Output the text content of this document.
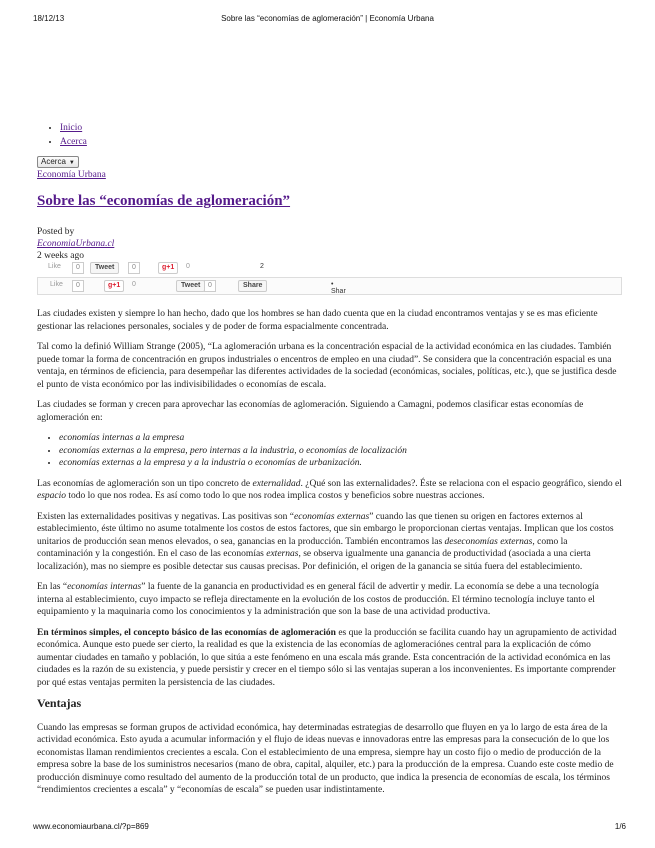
18/12/13	Sobre las “economías de aglomeración” | Economía Urbana
• Inicio
• Acerca
Acerca ▼
Economía Urbana
Sobre las “economías de aglomeración”
Posted by
EconomiaUrbana.cl
2 weeks ago
Like	0	Tweet	0	g+1	0	2
Like	0	g+1	0	Tweet	0	Share	• Shar

Las ciudades existen y siempre lo han hecho, dado que los hombres se han dado cuenta que en la ciudad encontramos ventajas y se es mas eficiente gestionar las relaciones personales, sociales y de poder de forma espacialmente concentrada.

Tal como la definió William Strange (2005), “La aglomeración urbana es la concentración espacial de la actividad económica en las ciudades. También puede tomar la forma de concentración en grupos industriales o encentros de empleo en una ciudad”. Se considera que la concentración espacial es una ventaja, en términos de eficiencia, para desempeñar las diferentes actividades de la sociedad (económicas, sociales, políticas, etc.), que se justifica desde el punto de vista económico por las indivisibilidades o economías de escala.

Las ciudades se forman y crecen para aprovechar las economías de aglomeración. Siguiendo a Camagni, podemos clasificar estas economías de aglomeración en:

• economías internas a la empresa
• economías externas a la empresa, pero internas a la industria, o economías de localización
• economías externas a la empresa y a la industria o economías de urbanización.

Las economías de aglomeración son un tipo concreto de externalidad. ¿Qué son las externalidades?. Éste se relaciona con el espacio geográfico, siendo el espacio todo lo que nos rodea. Es así como todo lo que nos rodea implica costos y beneficios sobre nuestras acciones.

Existen las externalidades positivas y negativas. Las positivas son “economías externas” cuando las que tienen su origen en factores externos al establecimiento, éste último no asume totalmente los costos de estos factores, que sin embargo le proporcionan ciertas ventajas. Implican que los costos unitarios de producción sean menos elevados, o sea, ganancias en la producción. También encontramos las deseconomías externas, como la contaminación y la congestión. En el caso de las economías externas, se observa igualmente una ganancia de productividad (asociada a una cierta localización), mas no siempre es posible detectar sus causas precisas. Por definición, el origen de la ganancia se sitúa fuera del establecimiento.

En las “economías internas” la fuente de la ganancia en productividad es en general fácil de advertir y medir. La economía se debe a una tecnología interna al establecimiento, cuyo impacto se refleja directamente en la evolución de los costos de producción. El término tecnología incluye tanto el equipamiento y la maquinaria como los conocimientos y la administración que son la base de una actividad productiva.

En términos simples, el concepto básico de las economías de aglomeración es que la producción se facilita cuando hay un agrupamiento de actividad económica. Aunque esto puede ser cierto, la realidad es que la existencia de las economías de aglomeraciónes central para la explicación de cómo aumentar ciudades en tamaño y población, lo que sitúa a este fenómeno en una escala más grande. Esta concentración de la actividad económica en las ciudades es la razón de su existencia, y puede persistir y crecer en el tiempo sólo si las ventajas superan a los inconvenientes. Es importante comprender por qué estas ventajas permiten la persistencia de las ciudades.

Ventajas

Cuando las empresas se forman grupos de actividad económica, hay determinadas estrategias de desarrollo que fluyen en ya lo largo de esta área de la actividad económica. Esto ayuda a acumular información y el flujo de ideas nuevas e innovadoras entre las empresas para la consecución de lo que los economistas llaman rendimientos crecientes a escala. Con el establecimiento de una empresa, siempre hay un costo fijo o medio de producción de la empresa sobre la base de los suministros necesarios (mano de obra, capital, alquiler, etc.) para la producción de la empresa. Cuando este coste medio de producción disminuye como resultado del aumento de la producción total de un producto, que indica la presencia de economías de escala, los términos “rendimientos crecientes a escala” y “economías de escala” se pueden usar indistintamente.

www.economiaurbana.cl/?p=869	1/6
